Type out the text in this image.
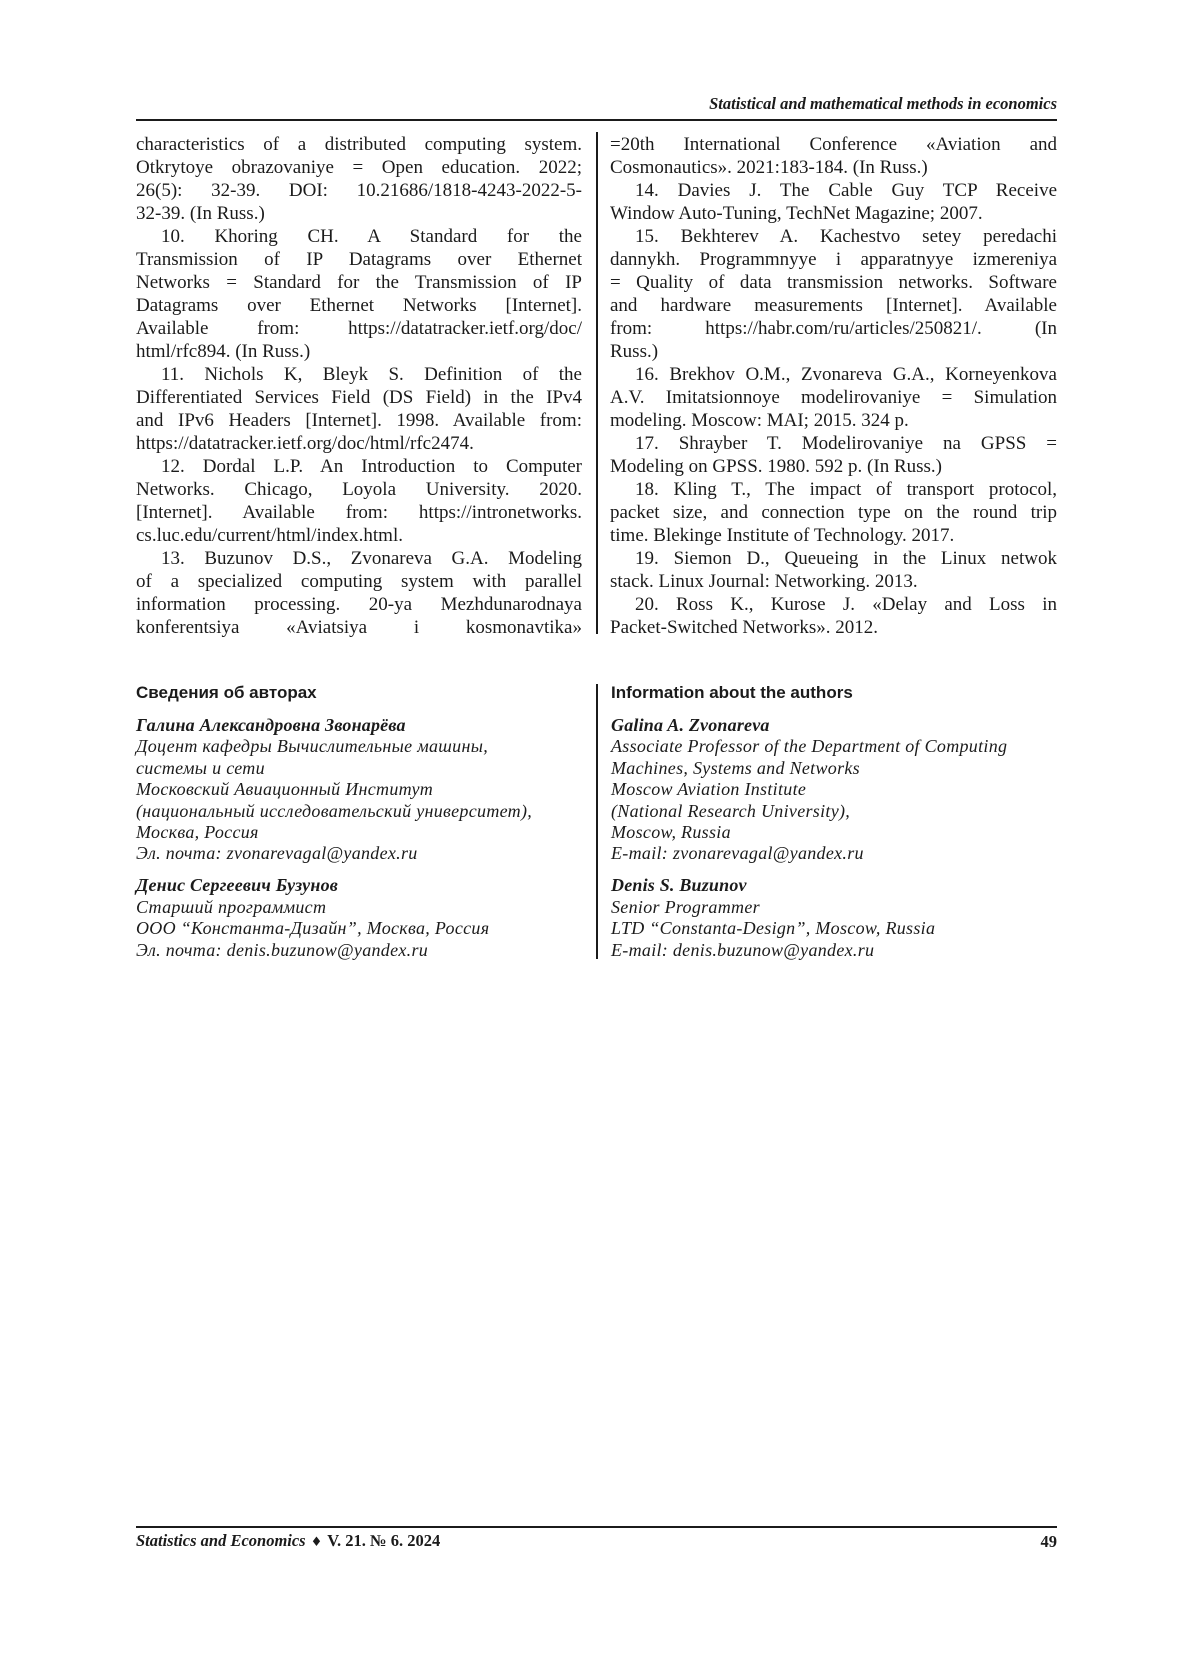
Statistical and mathematical methods in economics
characteristics of a distributed computing system.
Otkrytoye obrazovaniye = Open education. 2022;
26(5): 32-39. DOI: 10.21686/1818-4243-2022-5-
32-39. (In Russ.)
10. Khoring CH. A Standard for the
Transmission of IP Datagrams over Ethernet
Networks = Standard for the Transmission of IP
Datagrams over Ethernet Networks [Internet].
Available from: https://datatracker.ietf.org/doc/
html/rfc894. (In Russ.)
11. Nichols K, Bleyk S. Definition of the
Differentiated Services Field (DS Field) in the IPv4
and IPv6 Headers [Internet]. 1998. Available from:
https://datatracker.ietf.org/doc/html/rfc2474.
12. Dordal L.P. An Introduction to Computer
Networks. Chicago, Loyola University. 2020.
[Internet]. Available from: https://intronetworks.
cs.luc.edu/current/html/index.html.
13. Buzunov D.S., Zvonareva G.A. Modeling
of a specialized computing system with parallel
information processing. 20-ya Mezhdunarodnaya
konferentsiya «Aviatsiya i kosmonavtika»
=20th International Conference «Aviation and
Cosmonautics». 2021:183-184. (In Russ.)
14. Davies J. The Cable Guy TCP Receive
Window Auto-Tuning, TechNet Magazine; 2007.
15. Bekhterev A. Kachestvo setey peredachi
dannykh. Programmnyye i apparatnyye izmereniya
= Quality of data transmission networks. Software
and hardware measurements [Internet]. Available
from: https://habr.com/ru/articles/250821/. (In
Russ.)
16. Brekhov O.M., Zvonareva G.A., Korneyenkova
A.V. Imitatsionnoye modelirovaniye = Simulation
modeling. Moscow: MAI; 2015. 324 p.
17. Shrayber T. Modelirovaniye na GPSS =
Modeling on GPSS. 1980. 592 p. (In Russ.)
18. Kling T., The impact of transport protocol,
packet size, and connection type on the round trip
time. Blekinge Institute of Technology. 2017.
19. Siemon D., Queueing in the Linux netwok
stack. Linux Journal: Networking. 2013.
20. Ross K., Kurose J. «Delay and Loss in
Packet-Switched Networks». 2012.
Сведения об авторах
Галина Александровна Звонарёва
Доцент кафедры Вычислительные машины,
системы и сети
Московский Авиационный Институт
(национальный исследовательский университет),
Москва, Россия
Эл. почта: zvonarevagal@yandex.ru
Денис Сергеевич Бузунов
Старший программист
ООО “Константа-Дизайн”, Москва, Россия
Эл. почта: denis.buzunow@yandex.ru
Information about the authors
Galina A. Zvonareva
Associate Professor of the Department of Computing
Machines, Systems and Networks
Moscow Aviation Institute
(National Research University),
Moscow, Russia
E-mail: zvonarevagal@yandex.ru
Denis S. Buzunov
Senior Programmer
LTD “Constanta-Design”, Moscow, Russia
E-mail: denis.buzunow@yandex.ru
Statistics and Economics ♦ V. 21. № 6. 2024	49
